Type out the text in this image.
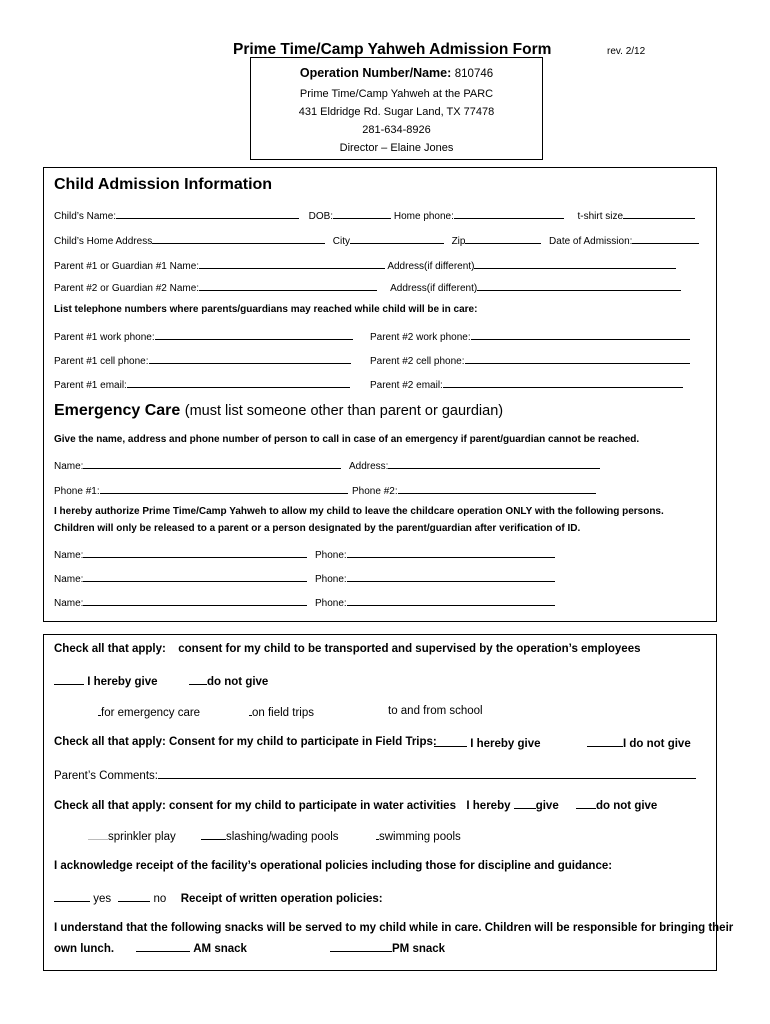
Prime Time/Camp Yahweh Admission Form	rev. 2/12
Operation Number/Name: 810746
Prime Time/Camp Yahweh at the PARC
431 Eldridge Rd. Sugar Land, TX 77478
281-634-8926
Director – Elaine Jones
Child Admission Information
Child’s Name:	DOB:	Home phone:	t-shirt size
Child’s Home Address	City	Zip	Date of Admission:
Parent #1 or Guardian #1 Name:	Address(if different)
Parent #2 or Guardian #2 Name:	Address(if different)
List telephone numbers where parents/guardians may reached while child will be in care:
Parent #1 work phone:	Parent #2 work phone:
Parent #1 cell phone:	Parent #2 cell phone:
Parent #1 email:	Parent #2 email:
Emergency Care (must list someone other than parent or gaurdian)
Give the name, address and phone number of person to call in case of an emergency if parent/guardian cannot be reached.
Name:	Address:
Phone #1:	Phone #2:
I hereby authorize Prime Time/Camp Yahweh to allow my child to leave the childcare operation ONLY with the following persons.
Children will only be released to a parent or a person designated by the parent/guardian after verification of ID.
Name:	Phone:
Name:	Phone:
Name:	Phone:
Check all that apply: consent for my child to be transported and supervised by the operation’s employees
I hereby give	do not give
for emergency care	on field trips	to and from school
Check all that apply: Consent for my child to participate in Field Trips:	I hereby give	I do not give
Parent’s Comments:
Check all that apply: consent for my child to participate in water activities I hereby give	do not give
sprinkler play	slashing/wading pools	swimming pools
I acknowledge receipt of the facility’s operational policies including those for discipline and guidance:
yes	no Receipt of written operation policies:
I understand that the following snacks will be served to my child while in care. Children will be responsible for bringing their
own lunch.	AM snack	PM snack
